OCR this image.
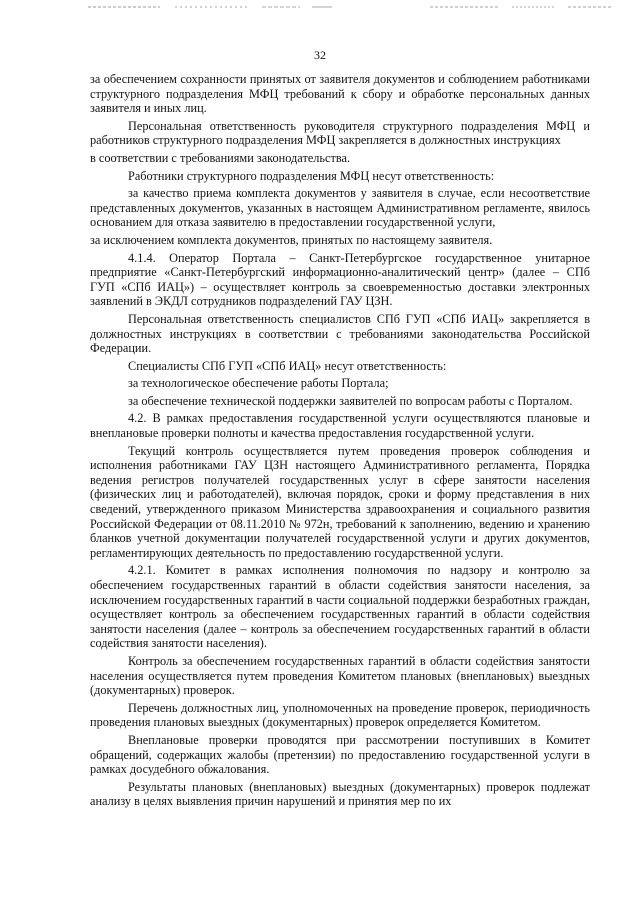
32

за обеспечением сохранности принятых от заявителя документов и соблюдением работниками структурного подразделения МФЦ требований к сбору и обработке персональных данных заявителя и иных лиц.

Персональная ответственность руководителя структурного подразделения МФЦ и работников структурного подразделения МФЦ закрепляется в должностных инструкциях

в соответствии с требованиями законодательства.

Работники структурного подразделения МФЦ несут ответственность:

за качество приема комплекта документов у заявителя в случае, если несоответствие представленных документов, указанных в настоящем Административном регламенте, явилось основанием для отказа заявителю в предоставлении государственной услуги,

за исключением комплекта документов, принятых по настоящему заявителя.

4.1.4. Оператор Портала – Санкт-Петербургское государственное унитарное предприятие «Санкт-Петербургский информационно-аналитический центр» (далее – СПб ГУП «СПб ИАЦ») – осуществляет контроль за своевременностью доставки электронных заявлений в ЭКДЛ сотрудников подразделений ГАУ ЦЗН.

Персональная ответственность специалистов СПб ГУП «СПб ИАЦ» закрепляется в должностных инструкциях в соответствии с требованиями законодательства Российской Федерации.

Специалисты СПб ГУП «СПб ИАЦ» несут ответственность:

за технологическое обеспечение работы Портала;

за обеспечение технической поддержки заявителей по вопросам работы с Порталом.

4.2. В рамках предоставления государственной услуги осуществляются плановые и внеплановые проверки полноты и качества предоставления государственной услуги.

Текущий контроль осуществляется путем проведения проверок соблюдения и исполнения работниками ГАУ ЦЗН настоящего Административного регламента, Порядка ведения регистров получателей государственных услуг в сфере занятости населения (физических лиц и работодателей), включая порядок, сроки и форму представления в них сведений, утвержденного приказом Министерства здравоохранения и социального развития Российской Федерации от 08.11.2010 № 972н, требований к заполнению, ведению и хранению бланков учетной документации получателей государственной услуги и других документов, регламентирующих деятельность по предоставлению государственной услуги.

4.2.1. Комитет в рамках исполнения полномочия по надзору и контролю за обеспечением государственных гарантий в области содействия занятости населения, за исключением государственных гарантий в части социальной поддержки безработных граждан, осуществляет контроль за обеспечением государственных гарантий в области содействия занятости населения (далее – контроль за обеспечением государственных гарантий в области содействия занятости населения).

Контроль за обеспечением государственных гарантий в области содействия занятости населения осуществляется путем проведения Комитетом плановых (внеплановых) выездных (документарных) проверок.

Перечень должностных лиц, уполномоченных на проведение проверок, периодичность проведения плановых выездных (документарных) проверок определяется Комитетом.

Внеплановые проверки проводятся при рассмотрении поступивших в Комитет обращений, содержащих жалобы (претензии) по предоставлению государственной услуги в рамках досудебного обжалования.

Результаты плановых (внеплановых) выездных (документарных) проверок подлежат анализу в целях выявления причин нарушений и принятия мер по их
